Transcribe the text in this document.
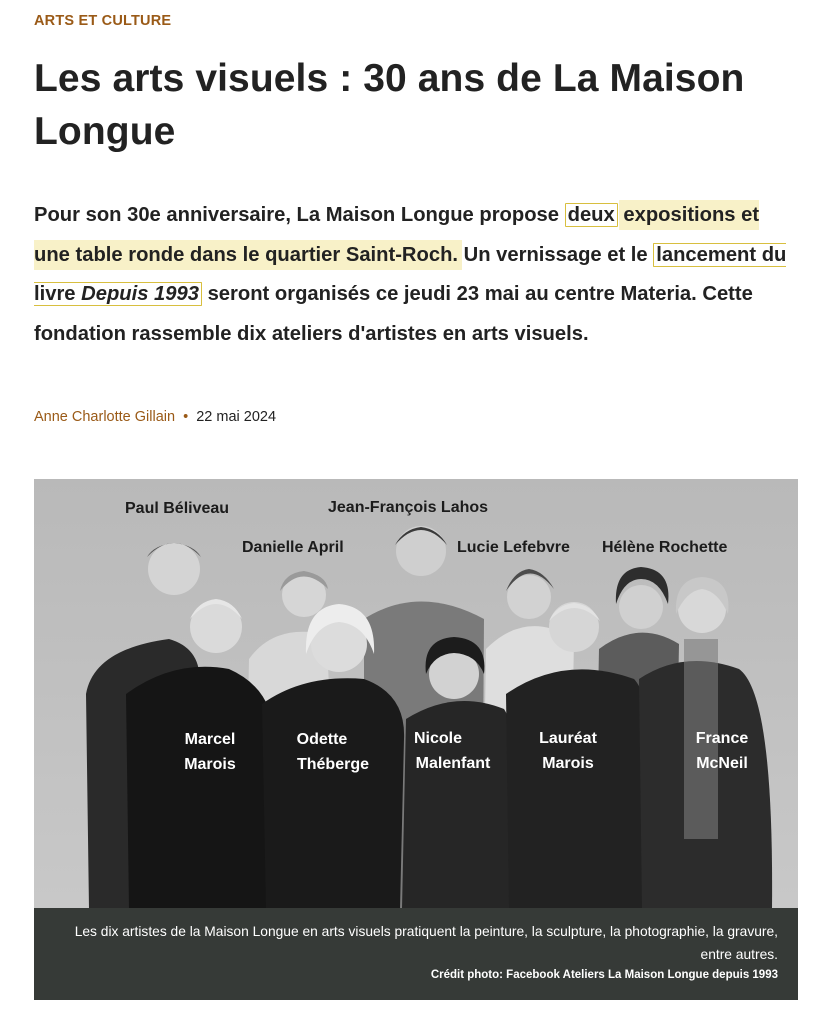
ARTS ET CULTURE
Les arts visuels : 30 ans de La Maison Longue

Pour son 30e anniversaire, La Maison Longue propose deux expositions et une table ronde dans le quartier Saint-Roch. Un vernissage et le lancement du livre Depuis 1993 seront organisés ce jeudi 23 mai au centre Materia. Cette fondation rassemble dix ateliers d'artistes en arts visuels.

Anne Charlotte Gillain • 22 mai 2024
Paul Béliveau	Jean-François Lahos
Danielle April	Lucie Lefebvre Hélène Rochette
Marcel
Marois
Odette
Théberge
Nicole
Malenfant
Lauréat
Marois
France
McNeil
Les dix artistes de la Maison Longue en arts visuels pratiquent la peinture, la sculpture, la photographie, la gravure, entre autres.
Crédit photo: Facebook Ateliers La Maison Longue depuis 1993
